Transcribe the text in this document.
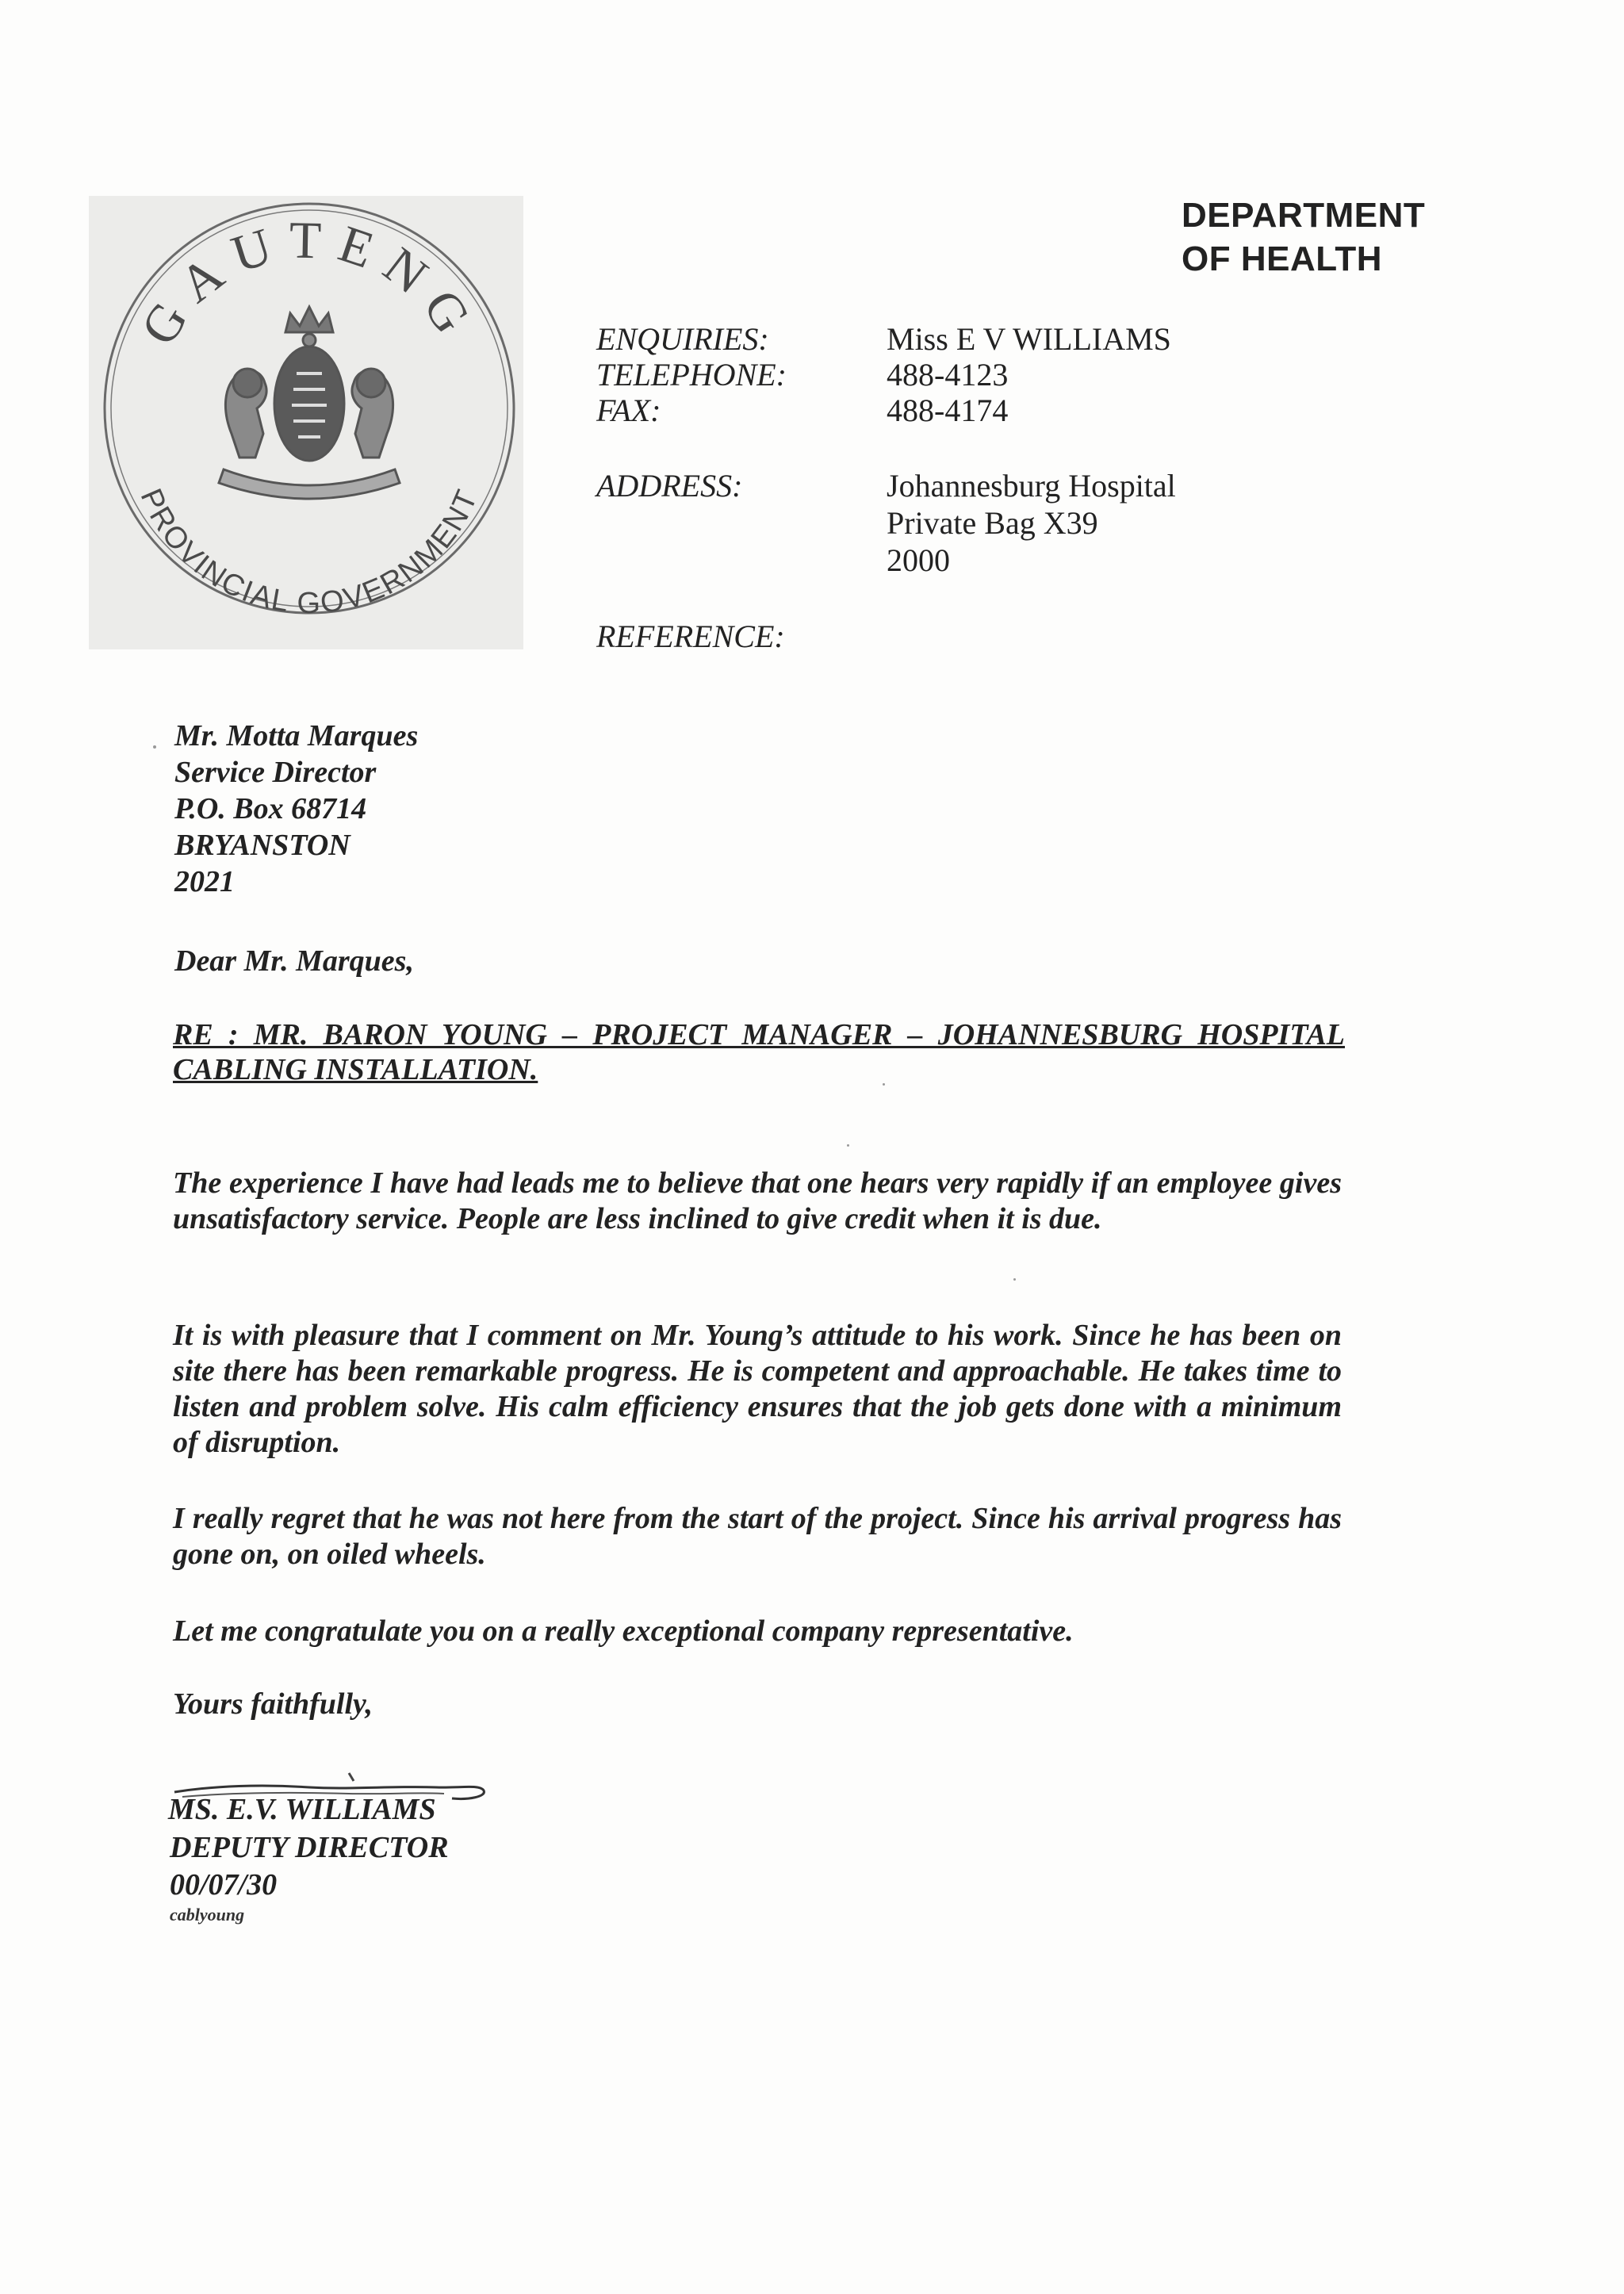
GAUTENG
PROVINCIAL GOVERNMENT
DEPARTMENT
OF HEALTH
ENQUIRIES:	Miss E V WILLIAMS
TELEPHONE:	488-4123
FAX:	488-4174
ADDRESS:	Johannesburg Hospital
Private Bag X39
2000
REFERENCE:
Mr. Motta Marques
Service Director
P.O. Box 68714
BRYANSTON
2021
Dear Mr. Marques,
RE : MR. BARON YOUNG – PROJECT MANAGER – JOHANNESBURG HOSPITAL CABLING INSTALLATION.
The experience I have had leads me to believe that one hears very rapidly if an employee gives unsatisfactory service. People are less inclined to give credit when it is due.
It is with pleasure that I comment on Mr. Young’s attitude to his work. Since he has been on site there has been remarkable progress. He is competent and approachable. He takes time to listen and problem solve. His calm efficiency ensures that the job gets done with a minimum of disruption.
I really regret that he was not here from the start of the project. Since his arrival progress has gone on, on oiled wheels.
Let me congratulate you on a really exceptional company representative.
Yours faithfully,
MS. E.V. WILLIAMS
DEPUTY DIRECTOR
00/07/30
cablyoung
